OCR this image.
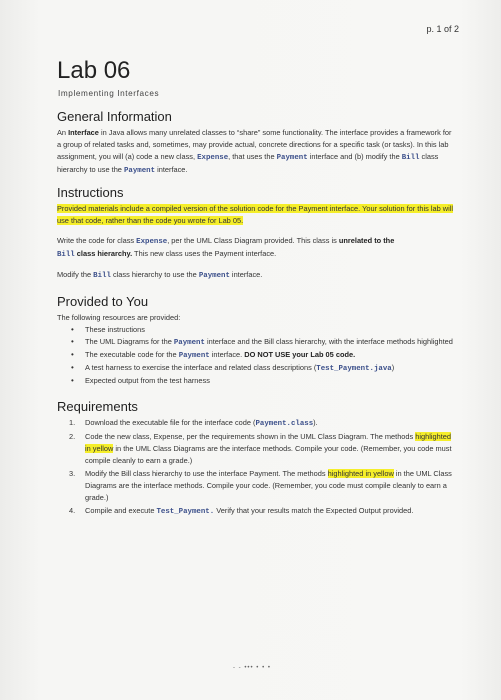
p. 1 of 2
Lab 06
Implementing Interfaces
General Information

An Interface in Java allows many unrelated classes to “share” some functionality. The interface provides a framework for a group of related tasks and, sometimes, may provide actual, concrete directions for a specific task (or tasks). In this lab assignment, you will (a) code a new class, Expense, that uses the Payment interface and (b) modify the Bill class hierarchy to use the Payment interface.

Instructions

Provided materials include a compiled version of the solution code for the Payment interface. Your solution for this lab will use that code, rather than the code you wrote for Lab 05.

Write the code for class Expense, per the UML Class Diagram provided. This class is unrelated to the
Bill class hierarchy. This new class uses the Payment interface.

Modify the Bill class hierarchy to use the Payment interface.

Provided to You

The following resources are provided:

• These instructions
• The UML Diagrams for the Payment interface and the Bill class hierarchy, with the interface methods highlighted
• The executable code for the Payment interface. DO NOT USE your Lab 05 code.
• A test harness to exercise the interface and related class descriptions (Test_Payment.java)
• Expected output from the test harness
Requirements
1. Download the executable file for the interface code (Payment.class).
2. Code the new class, Expense, per the requirements shown in the UML Class Diagram. The methods highlighted in yellow in the UML Class Diagrams are the interface methods. Compile your code. (Remember, you code must compile cleanly to earn a grade.)
3. Modify the Bill class hierarchy to use the interface Payment. The methods highlighted in yellow in the UML Class Diagrams are the interface methods. Compile your code. (Remember, you code must compile cleanly to earn a grade.)
4. Compile and execute Test_Payment. Verify that your results match the Expected Output provided.
- - ••• • • •
